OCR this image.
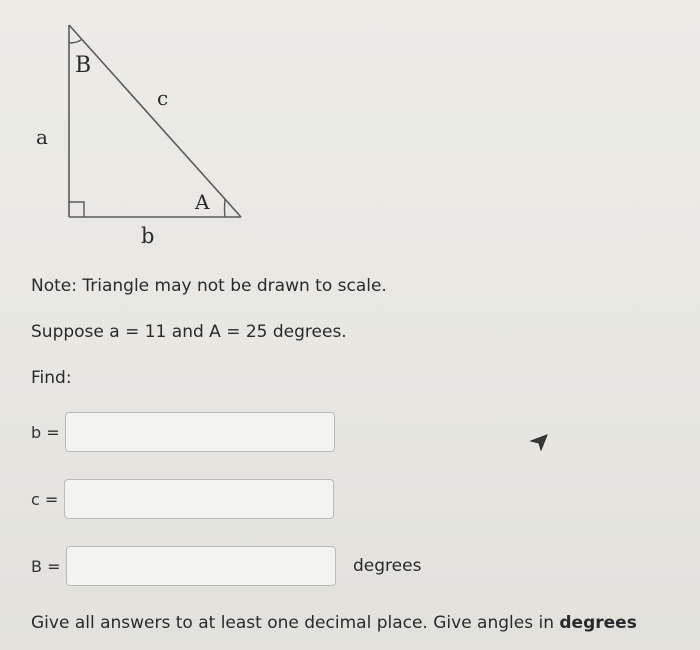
B
A
c
a
b
Note: Triangle may not be drawn to scale.
Suppose a = 11 and A = 25 degrees.
Find:
b =
c =
B =	degrees
Give all answers to at least one decimal place. Give angles in degrees
